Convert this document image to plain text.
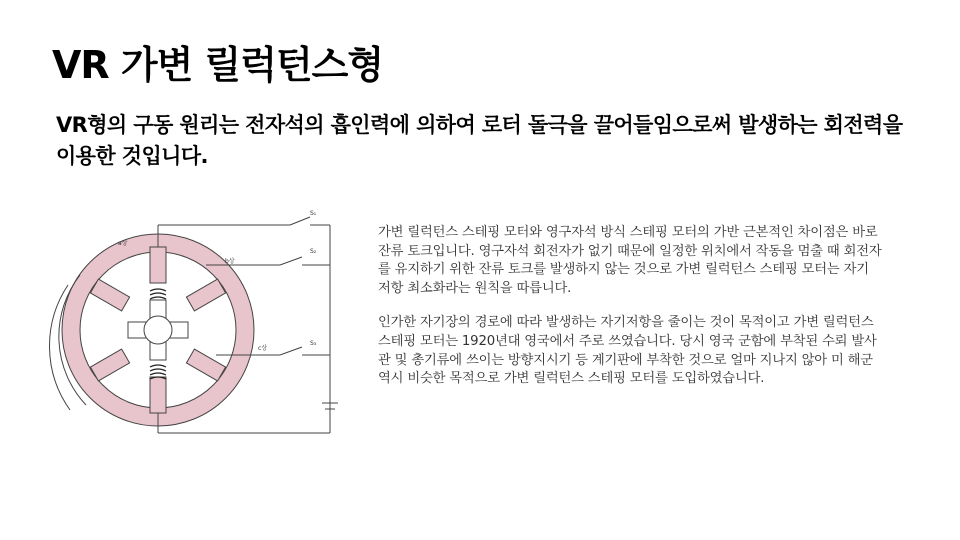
VR 가변 릴럭턴스형
VR형의 구동 원리는 전자석의 흡인력에 의하여 로터 돌극을 끌어들임으로써 발생하는 회전력을 이용한 것입니다.
a상
b상
c상
S₁
S₂
S₃

가변 릴럭턴스 스테핑 모터와 영구자석 방식 스테핑 모터의 가반 근본적인 차이점은 바로 잔류 토크입니다. 영구자석 회전자가 없기 때문에 일정한 위치에서 작동을 멈출 때 회전자를 유지하기 위한 잔류 토크를 발생하지 않는 것으로 가변 릴럭턴스 스테핑 모터는 자기 저항 최소화라는 원칙을 따릅니다.

인가한 자기장의 경로에 따라 발생하는 자기저항을 줄이는 것이 목적이고 가변 릴럭턴스 스테핑 모터는 1920년대 영국에서 주로 쓰였습니다. 당시 영국 군함에 부착된 수뢰 발사관 및 총기류에 쓰이는 방향지시기 등 계기판에 부착한 것으로 얼마 지나지 않아 미 해군 역시 비슷한 목적으로 가변 릴럭턴스 스테핑 모터를 도입하였습니다.
